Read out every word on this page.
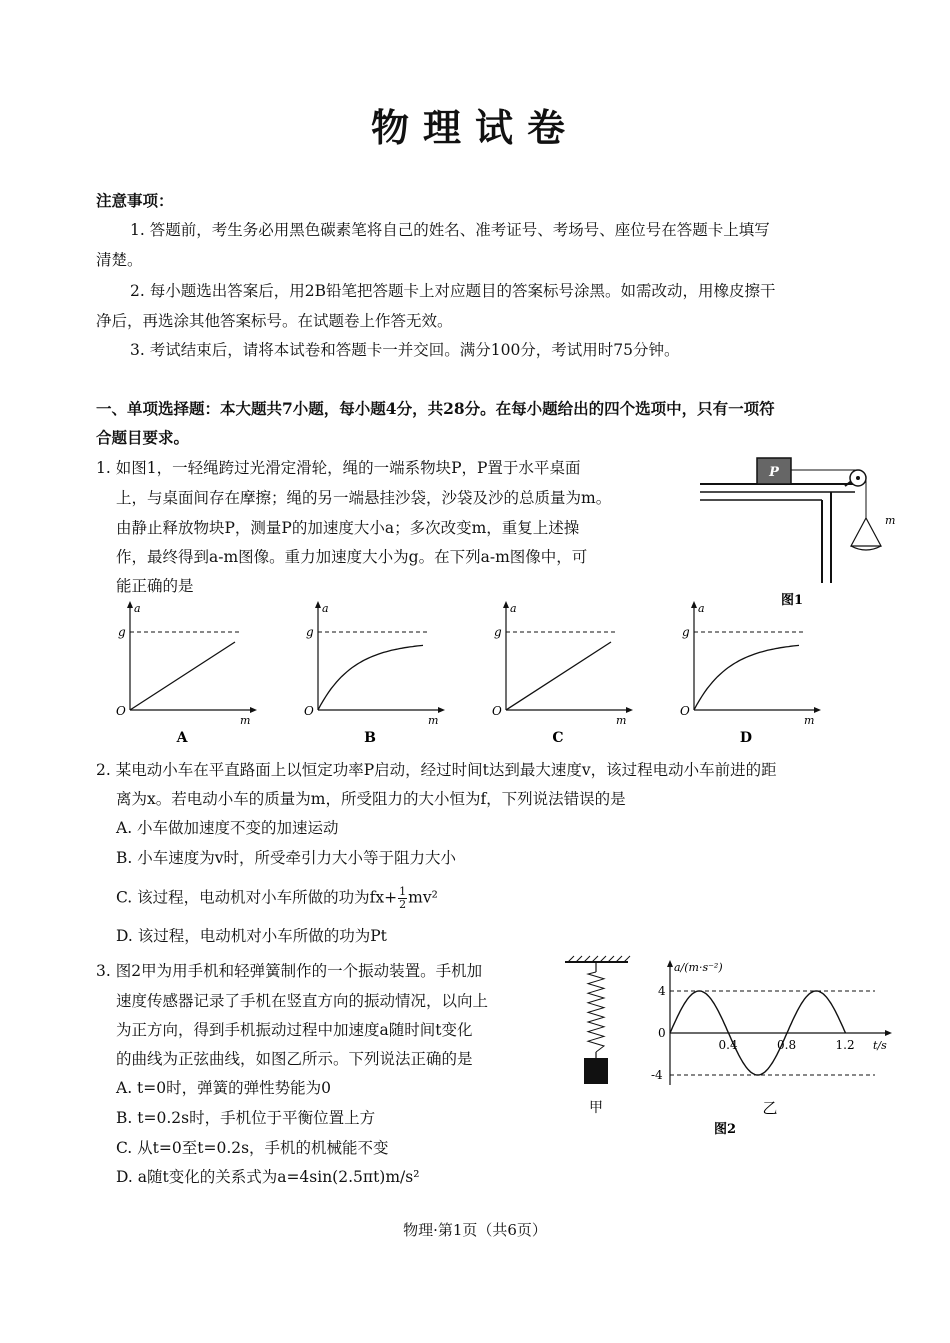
物理试卷
注意事项：
1. 答题前，考生务必用黑色碳素笔将自己的姓名、准考证号、考场号、座位号在答题卡上填写
清楚。
2. 每小题选出答案后，用2B铅笔把答题卡上对应题目的答案标号涂黑。如需改动，用橡皮擦干
净后，再选涂其他答案标号。在试题卷上作答无效。
3. 考试结束后，请将本试卷和答题卡一并交回。满分100分，考试用时75分钟。
一、单项选择题：本大题共7小题，每小题4分，共28分。在每小题给出的四个选项中，只有一项符
合题目要求。
1. 如图1，一轻绳跨过光滑定滑轮，绳的一端系物块P，P置于水平桌面
上，与桌面间存在摩擦；绳的另一端悬挂沙袋，沙袋及沙的总质量为m。
由静止释放物块P，测量P的加速度大小a；多次改变m，重复上述操
作，最终得到a-m图像。重力加速度大小为g。在下列a-m图像中，可
能正确的是
P
m
图1
a
g
O
m
A
a
g
O
m
B
a
g
O
m
C
a
g
O
m
D
2. 某电动小车在平直路面上以恒定功率P启动，经过时间t达到最大速度v，该过程电动小车前进的距
离为x。若电动小车的质量为m，所受阻力的大小恒为f，下列说法错误的是
A. 小车做加速度不变的加速运动
B. 小车速度为v时，所受牵引力大小等于阻力大小
C. 该过程，电动机对小车所做的功为$fx+ \frac{1}{2} mv^2$
D. 该过程，电动机对小车所做的功为Pt
3. 图2甲为用手机和轻弹簧制作的一个振动装置。手机加
速度传感器记录了手机在竖直方向的振动情况，以向上
为正方向，得到手机振动过程中加速度a随时间t变化
的曲线为正弦曲线，如图乙所示。下列说法正确的是
A. t=0时，弹簧的弹性势能为0
B. t=0.2s时，手机位于平衡位置上方
C. 从t=0至t=0.2s，手机的机械能不变
D. a随t变化的关系式为a=4sin(2.5πt)m/s²
甲
a/(m·s⁻²)
4
0
-4
0.4	0.8	1.2 t/s
乙
图2
物理·第1页（共6页）
